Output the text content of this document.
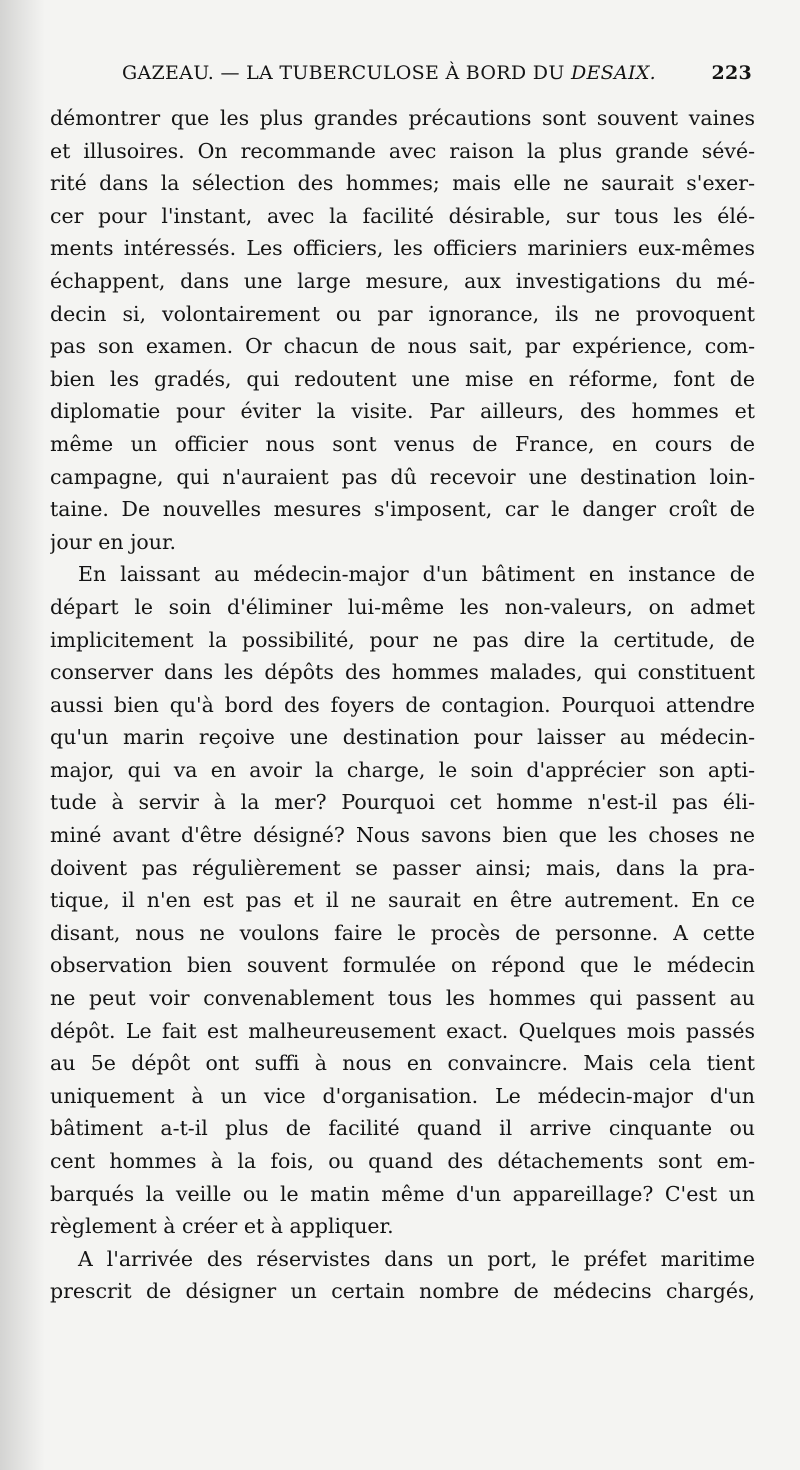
GAZEAU. — LA TUBERCULOSE À BORD DU DESAIX.	223
démontrer que les plus grandes précautions sont souvent vaines
et illusoires. On recommande avec raison la plus grande sévé-
rité dans la sélection des hommes; mais elle ne saurait s'exer-
cer pour l'instant, avec la facilité désirable, sur tous les élé-
ments intéressés. Les officiers, les officiers mariniers eux-mêmes
échappent, dans une large mesure, aux investigations du mé-
decin si, volontairement ou par ignorance, ils ne provoquent
pas son examen. Or chacun de nous sait, par expérience, com-
bien les gradés, qui redoutent une mise en réforme, font de
diplomatie pour éviter la visite. Par ailleurs, des hommes et
même un officier nous sont venus de France, en cours de
campagne, qui n'auraient pas dû recevoir une destination loin-
taine. De nouvelles mesures s'imposent, car le danger croît de
jour en jour.
En laissant au médecin-major d'un bâtiment en instance de
départ le soin d'éliminer lui-même les non-valeurs, on admet
implicitement la possibilité, pour ne pas dire la certitude, de
conserver dans les dépôts des hommes malades, qui constituent
aussi bien qu'à bord des foyers de contagion. Pourquoi attendre
qu'un marin reçoive une destination pour laisser au médecin-
major, qui va en avoir la charge, le soin d'apprécier son apti-
tude à servir à la mer? Pourquoi cet homme n'est-il pas éli-
miné avant d'être désigné? Nous savons bien que les choses ne
doivent pas régulièrement se passer ainsi; mais, dans la pra-
tique, il n'en est pas et il ne saurait en être autrement. En ce
disant, nous ne voulons faire le procès de personne. A cette
observation bien souvent formulée on répond que le médecin
ne peut voir convenablement tous les hommes qui passent au
dépôt. Le fait est malheureusement exact. Quelques mois passés
au 5e dépôt ont suffi à nous en convaincre. Mais cela tient
uniquement à un vice d'organisation. Le médecin-major d'un
bâtiment a-t-il plus de facilité quand il arrive cinquante ou
cent hommes à la fois, ou quand des détachements sont em-
barqués la veille ou le matin même d'un appareillage? C'est un
règlement à créer et à appliquer.
A l'arrivée des réservistes dans un port, le préfet maritime
prescrit de désigner un certain nombre de médecins chargés,
